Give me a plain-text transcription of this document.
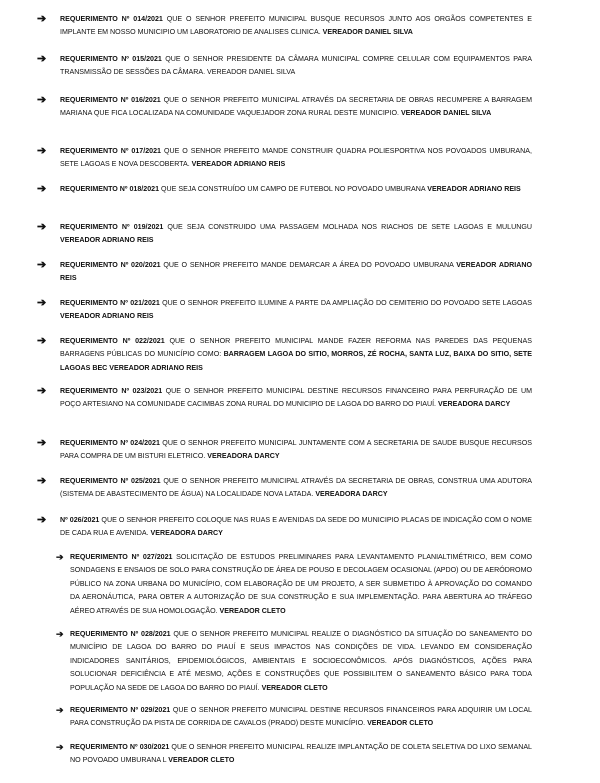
➔ REQUERIMENTO Nº 014/2021 QUE O SENHOR PREFEITO MUNICIPAL BUSQUE RECURSOS JUNTO AOS ORGÃOS COMPETENTES E IMPLANTE EM NOSSO MUNICIPIO UM LABORATORIO DE ANALISES CLINICA. VEREADOR DANIEL SILVA
➔ REQUERIMENTO Nº 015/2021 QUE O SENHOR PRESIDENTE DA CÂMARA MUNICIPAL COMPRE CELULAR COM EQUIPAMENTOS PARA TRANSMISSÃO DE SESSÕES DA CÂMARA. VEREADOR DANIEL SILVA
➔ REQUERIMENTO Nº 016/2021 QUE O SENHOR PREFEITO MUNICIPAL ATRAVÉS DA SECRETARIA DE OBRAS RECUMPERE A BARRAGEM MARIANA QUE FICA LOCALIZADA NA COMUNIDADE VAQUEJADOR ZONA RURAL DESTE MUNICIPIO. VEREADOR DANIEL SILVA
➔ REQUERIMENTO Nº 017/2021 QUE O SENHOR PREFEITO MANDE CONSTRUIR QUADRA POLIESPORTIVA NOS POVOADOS UMBURANA, SETE LAGOAS E NOVA DESCOBERTA. VEREADOR ADRIANO REIS
➔ REQUERIMENTO Nº 018/2021 QUE SEJA CONSTRUÍDO UM CAMPO DE FUTEBOL NO POVOADO UMBURANA VEREADOR ADRIANO REIS
➔ REQUERIMENTO Nº 019/2021 QUE SEJA CONSTRUIDO UMA PASSAGEM MOLHADA NOS RIACHOS DE SETE LAGOAS E MULUNGU VEREADOR ADRIANO REIS
➔ REQUERIMENTO Nº 020/2021 QUE O SENHOR PREFEITO MANDE DEMARCAR A ÁREA DO POVOADO UMBURANA VEREADOR ADRIANO REIS
➔ REQUERIMENTO Nº 021/2021 QUE O SENHOR PREFEITO ILUMINE A PARTE DA AMPLIAÇÃO DO CEMITERIO DO POVOADO SETE LAGOAS VEREADOR ADRIANO REIS
➔ REQUERIMENTO Nº 022/2021 QUE O SENHOR PREFEITO MUNICIPAL MANDE FAZER REFORMA NAS PAREDES DAS PEQUENAS BARRAGENS PÚBLICAS DO MUNICÍPIO COMO: BARRAGEM LAGOA DO SITIO, MORROS, ZÉ ROCHA, SANTA LUZ, BAIXA DO SITIO, SETE LAGOAS BEC VEREADOR ADRIANO REIS
➔ REQUERIMENTO Nº 023/2021 QUE O SENHOR PREFEITO MUNICIPAL DESTINE RECURSOS FINANCEIRO PARA PERFURAÇÃO DE UM POÇO ARTESIANO NA COMUNIDADE CACIMBAS ZONA RURAL DO MUNICIPIO DE LAGOA DO BARRO DO PIAUÍ. VEREADORA DARCY
➔ REQUERIMENTO Nº 024/2021 QUE O SENHOR PREFEITO MUNICIPAL JUNTAMENTE COM A SECRETARIA DE SAUDE BUSQUE RECURSOS PARA COMPRA DE UM BISTURI ELETRICO. VEREADORA DARCY
➔ REQUERIMENTO Nº 025/2021 QUE O SENHOR PREFEITO MUNICIPAL ATRAVÉS DA SECRETARIA DE OBRAS, CONSTRUA UMA ADUTORA (SISTEMA DE ABASTECIMENTO DE ÁGUA) NA LOCALIDADE NOVA LATADA. VEREADORA DARCY
➔ Nº 026/2021 QUE O SENHOR PREFEITO COLOQUE NAS RUAS E AVENIDAS DA SEDE DO MUNICIPIO PLACAS DE INDICAÇÃO COM O NOME DE CADA RUA E AVENIDA. VEREADORA DARCY
➔ REQUERIMENTO Nº 027/2021 SOLICITAÇÃO DE ESTUDOS PRELIMINARES PARA LEVANTAMENTO PLANIALTIMÉTRICO, BEM COMO SONDAGENS E ENSAIOS DE SOLO PARA CONSTRUÇÃO DE ÁREA DE POUSO E DECOLAGEM OCASIONAL (APDO) OU DE AERÓDROMO PÚBLICO NA ZONA URBANA DO MUNICÍPIO, COM ELABORAÇÃO DE UM PROJETO, A SER SUBMETIDO À APROVAÇÃO DO COMANDO DA AERONÁUTICA, PARA OBTER A AUTORIZAÇÃO DE SUA CONSTRUÇÃO E SUA IMPLEMENTAÇÃO. PARA ABERTURA AO TRÁFEGO AÉREO ATRAVÉS DE SUA HOMOLOGAÇÃO. VEREADOR CLETO
➔ REQUERIMENTO Nº 028/2021 QUE O SENHOR PREFEITO MUNICIPAL REALIZE O DIAGNÓSTICO DA SITUAÇÃO DO SANEAMENTO DO MUNICÍPIO DE LAGOA DO BARRO DO PIAUÍ E SEUS IMPACTOS NAS CONDIÇÕES DE VIDA. LEVANDO EM CONSIDERAÇÃO INDICADORES SANITÁRIOS, EPIDEMIOLÓGICOS, AMBIENTAIS E SOCIOECONÔMICOS. APÓS DIAGNÓSTICOS, AÇÕES PARA SOLUCIONAR DEFICIÊNCIA E ATÉ MESMO, AÇÕES E CONSTRUÇÕES QUE POSSIBILITEM O SANEAMENTO BÁSICO PARA TODA POPULAÇÃO NA SEDE DE LAGOA DO BARRO DO PIAUÍ. VEREADOR CLETO
➔ REQUERIMENTO Nº 029/2021 QUE O SENHOR PREFEITO MUNICIPAL DESTINE RECURSOS FINANCEIROS PARA ADQUIRIR UM LOCAL PARA CONSTRUÇÃO DA PISTA DE CORRIDA DE CAVALOS (PRADO) DESTE MUNICÍPIO. VEREADOR CLETO
➔ REQUERIMENTO Nº 030/2021 QUE O SENHOR PREFEITO MUNICIPAL REALIZE IMPLANTAÇÃO DE COLETA SELETIVA DO LIXO SEMANAL NO POVOADO UMBURANA L VEREADOR CLETO
